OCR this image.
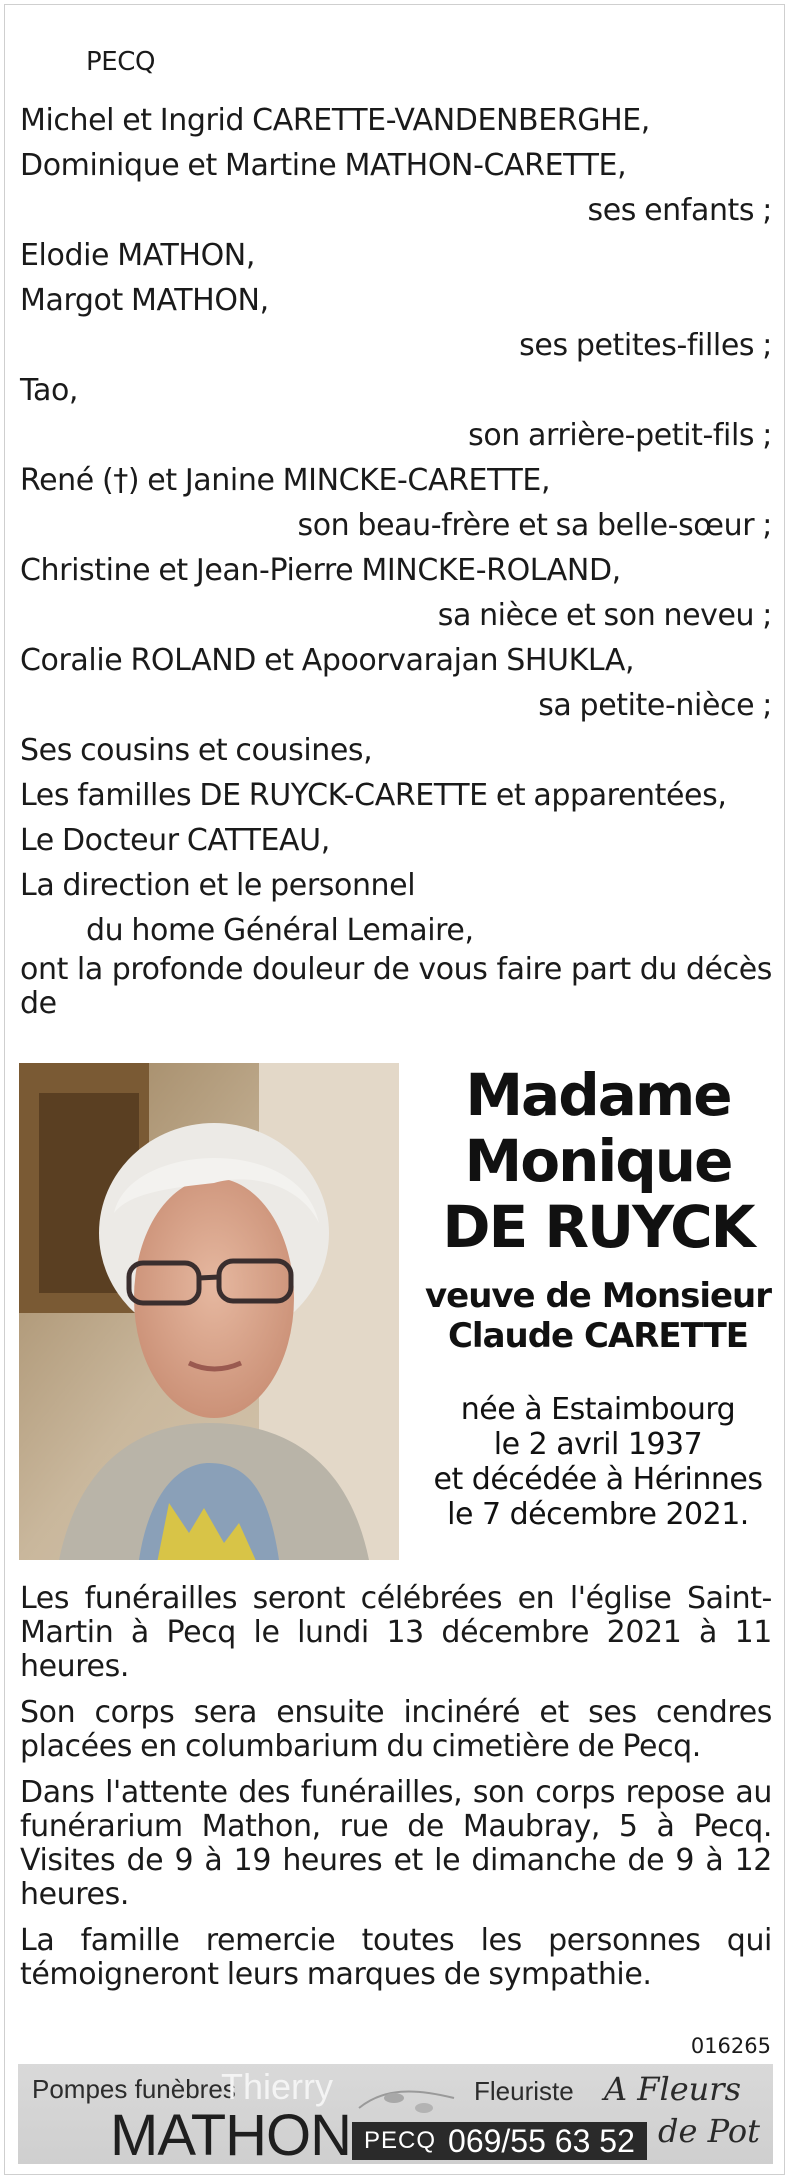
PECQ
Michel et Ingrid CARETTE-VANDENBERGHE,
Dominique et Martine MATHON-CARETTE,
ses enfants ;
Elodie MATHON,
Margot MATHON,
ses petites-filles ;
Tao,
son arrière-petit-fils ;
René (†) et Janine MINCKE-CARETTE,
son beau-frère et sa belle-sœur ;
Christine et Jean-Pierre MINCKE-ROLAND,
sa nièce et son neveu ;
Coralie ROLAND et Apoorvarajan SHUKLA,
sa petite-nièce ;
Ses cousins et cousines,
Les familles DE RUYCK-CARETTE et apparentées,
Le Docteur CATTEAU,
La direction et le personnel
du home Général Lemaire,
ont la profonde douleur de vous faire part du décès de
Madame
Monique
DE RUYCK
veuve de Monsieur
Claude CARETTE
née à Estaimbourg
le 2 avril 1937
et décédée à Hérinnes
le 7 décembre 2021.
Les funérailles seront célébrées en l'église Saint-Martin à Pecq le lundi 13 décembre 2021 à 11 heures.
Son corps sera ensuite incinéré et ses cendres placées en columbarium du cimetière de Pecq.
Dans l'attente des funérailles, son corps repose au funérarium Mathon, rue de Maubray, 5 à Pecq. Visites de 9 à 19 heures et le dimanche de 9 à 12 heures.
La famille remercie toutes les personnes qui témoigneront leurs marques de sympathie.
016265
Pompes funèbres
Thierry
MATHON PECQ 069/55 63 52
Fleuriste A Fleurs
de Pot
